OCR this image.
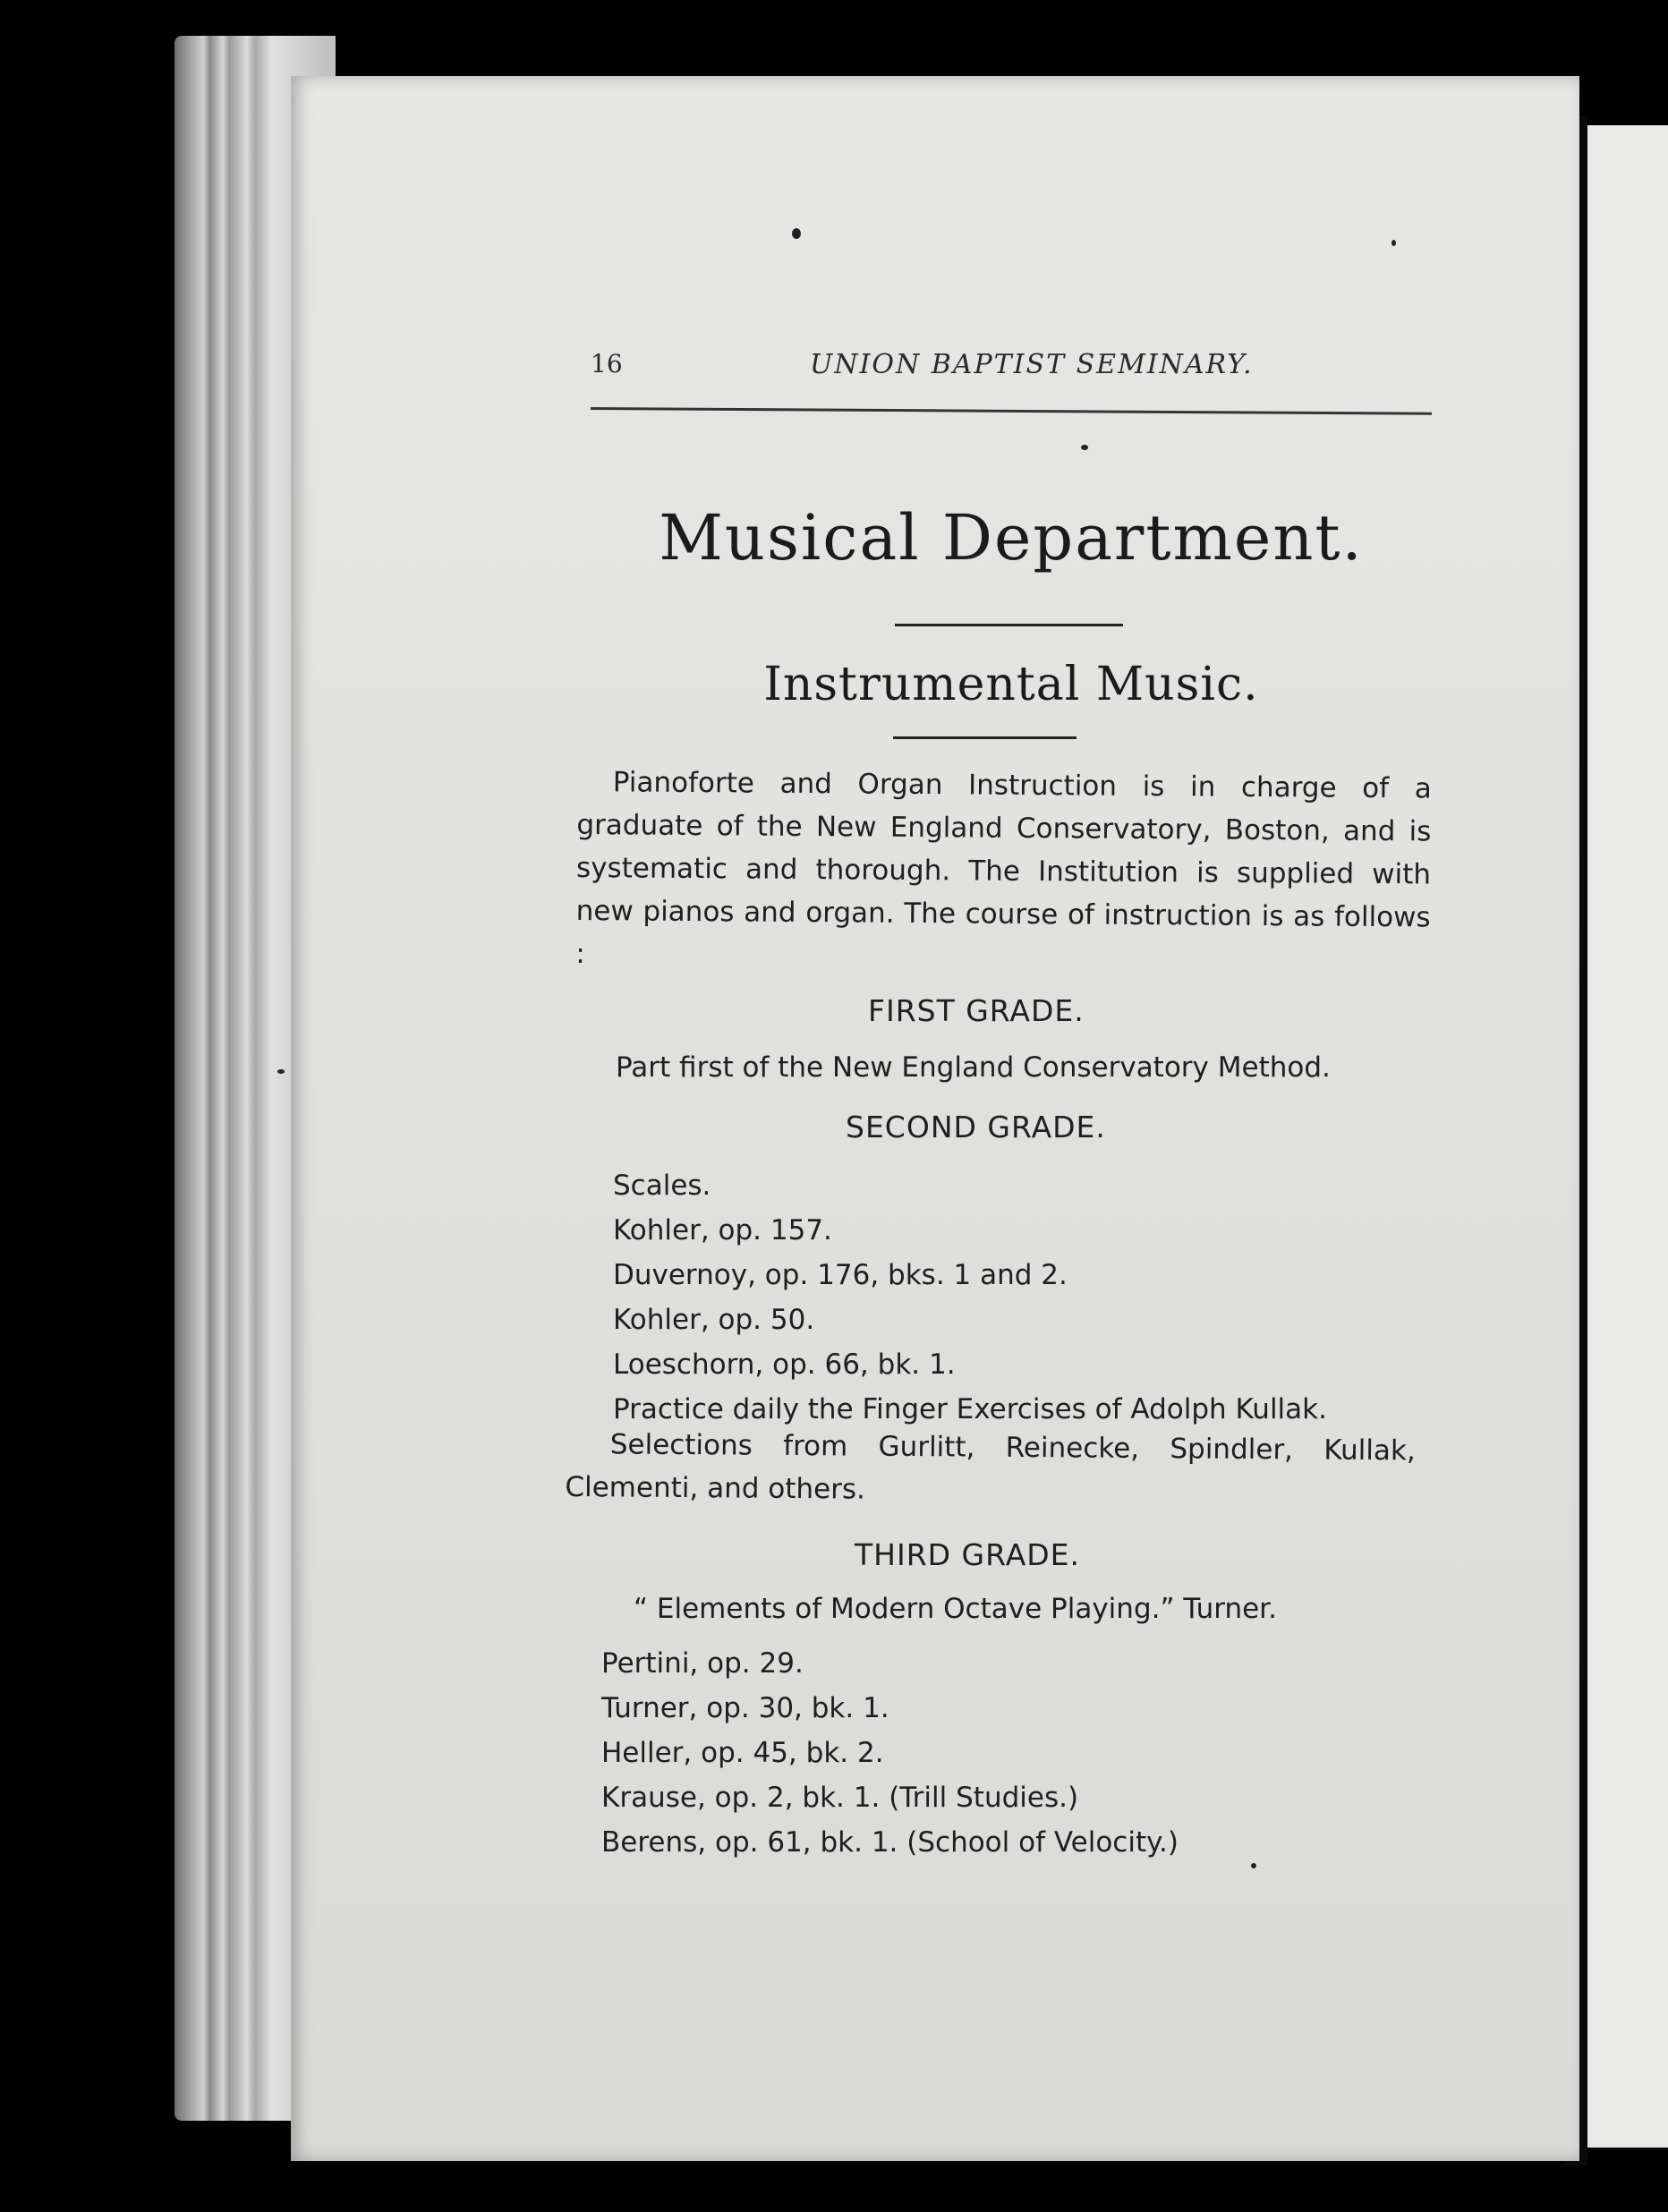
16	UNION BAPTIST SEMINARY.
Musical Department.
Instrumental Music.
Pianoforte and Organ Instruction is in charge of a graduate of the New England Conservatory, Boston, and is systematic and thorough. The Institution is supplied with new pianos and organ. The course of instruction is as follows :
FIRST GRADE.
Part first of the New England Conservatory Method.
SECOND GRADE.
Scales.
Kohler, op. 157.
Duvernoy, op. 176, bks. 1 and 2.
Kohler, op. 50.
Loeschorn, op. 66, bk. 1.
Practice daily the Finger Exercises of Adolph Kullak.
Selections from Gurlitt, Reinecke, Spindler, Kullak, Clementi, and others.
THIRD GRADE.
“ Elements of Modern Octave Playing.” Turner.
Pertini, op. 29.
Turner, op. 30, bk. 1.
Heller, op. 45, bk. 2.
Krause, op. 2, bk. 1. (Trill Studies.)
Berens, op. 61, bk. 1. (School of Velocity.)
